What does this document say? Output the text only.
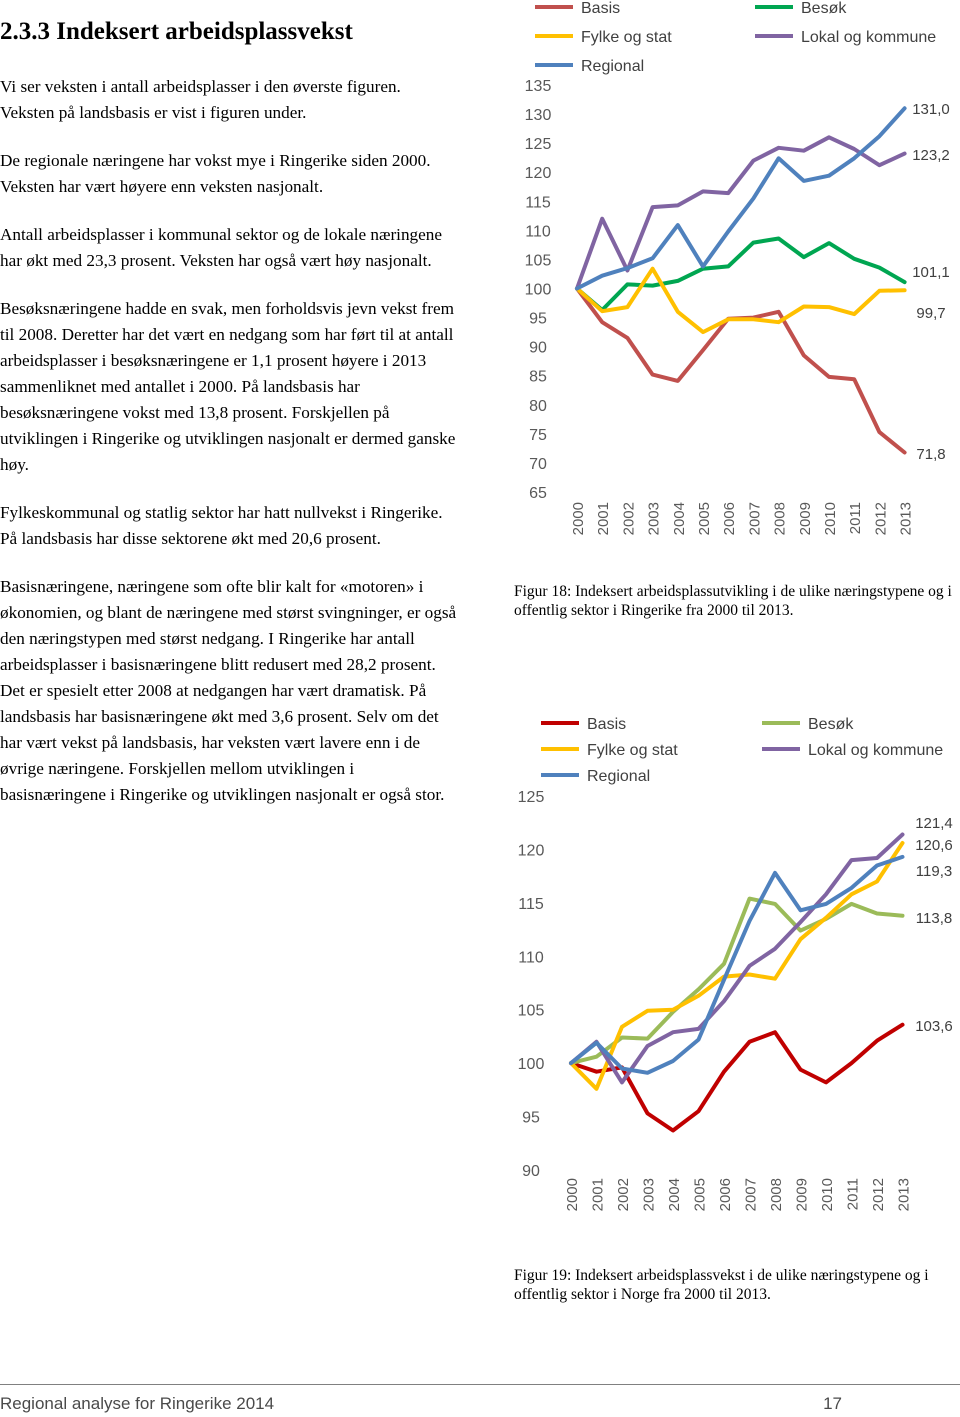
2.3.3 Indeksert arbeidsplassvekst

Vi ser veksten i antall arbeidsplasser i den øverste figuren. Veksten på landsbasis er vist i figuren under.

De regionale næringene har vokst mye i Ringerike siden 2000. Veksten har vært høyere enn veksten nasjonalt.

Antall arbeidsplasser i kommunal sektor og de lokale næringene har økt med 23,3 prosent. Veksten har også vært høy nasjonalt.

Besøksnæringene hadde en svak, men forholdsvis jevn vekst frem til 2008. Deretter har det vært en nedgang som har ført til at antall arbeidsplasser i besøksnæringene er 1,1 prosent høyere i 2013 sammenliknet med antallet i 2000. På landsbasis har besøksnæringene vokst med 13,8 prosent. Forskjellen på utviklingen i Ringerike og utviklingen nasjonalt er dermed ganske høy.

Fylkeskommunal og statlig sektor har hatt nullvekst i Ringerike. På landsbasis har disse sektorene økt med 20,6 prosent.

Basisnæringene, næringene som ofte blir kalt for «motoren» i økonomien, og blant de næringene med størst svingninger, er også den næringstypen med størst nedgang. I Ringerike har antall arbeidsplasser i basisnæringene blitt redusert med 28,2 prosent. Det er spesielt etter 2008 at nedgangen har vært dramatisk. På landsbasis har basisnæringene økt med 3,6 prosent. Selv om det har vært vekst på landsbasis, har veksten vært lavere enn i de øvrige næringene. Forskjellen mellom utviklingen i basisnæringene i Ringerike og utviklingen nasjonalt er også stor.

Basis	Besøk
Fylke og stat	Lokal og kommune
Regional
65
70
75
80
85
90
95
100
105
110
115
120
125
130
135
2000 2001 2002 2003 2004 2005 2006 2007 2008 2009 2010 2011 2012 2013
71,8
101,1
99,7
123,2
131,0

Figur 18: Indeksert arbeidsplassutvikling i de ulike næringstypene og i offentlig sektor i Ringerike fra 2000 til 2013.

Basis	Besøk
Fylke og stat	Lokal og kommune
Regional
90
95
100
105
110
115
120
125
2000 2001 2002 2003 2004 2005 2006 2007 2008 2009 2010 2011 2012 2013
103,6
113,8
120,6
121,4
119,3

Figur 19: Indeksert arbeidsplassvekst i de ulike næringstypene og i offentlig sektor i Norge fra 2000 til 2013.

Regional analyse for Ringerike 2014	17
